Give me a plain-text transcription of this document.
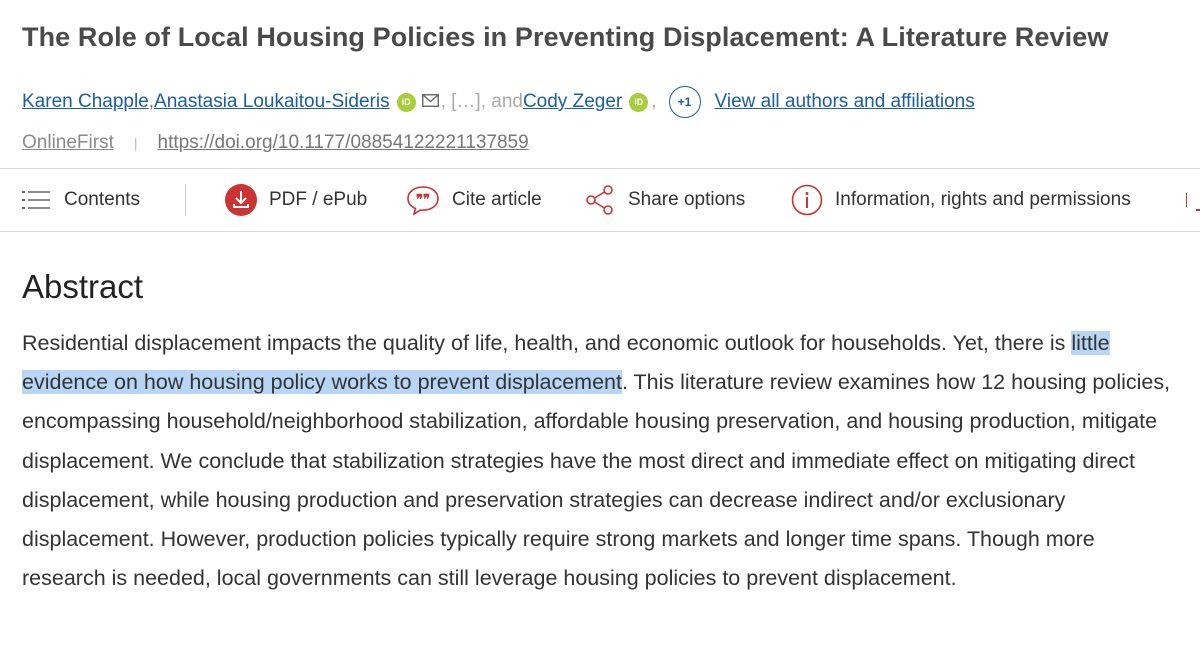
The Role of Local Housing Policies in Preventing Displacement: A Literature Review
Karen Chapple , Anastasia Loukaitou-Sideris	iD , […], and Cody Zeger	iD ,	+1	View all authors and affiliations
OnlineFirst | https://doi.org/10.1177/08854122221137859
Contents	PDF / ePub	❞❞ Cite article	Share options	Information, rights and permissions
Abstract

Residential displacement impacts the quality of life, health, and economic outlook for households. Yet, there is little evidence on how housing policy works to prevent displacement. This literature review examines how 12 housing policies, encompassing household/neighborhood stabilization, affordable housing preservation, and housing production, mitigate displacement. We conclude that stabilization strategies have the most direct and immediate effect on mitigating direct displacement, while housing production and preservation strategies can decrease indirect and/or exclusionary displacement. However, production policies typically require strong markets and longer time spans. Though more research is needed, local governments can still leverage housing policies to prevent displacement.
